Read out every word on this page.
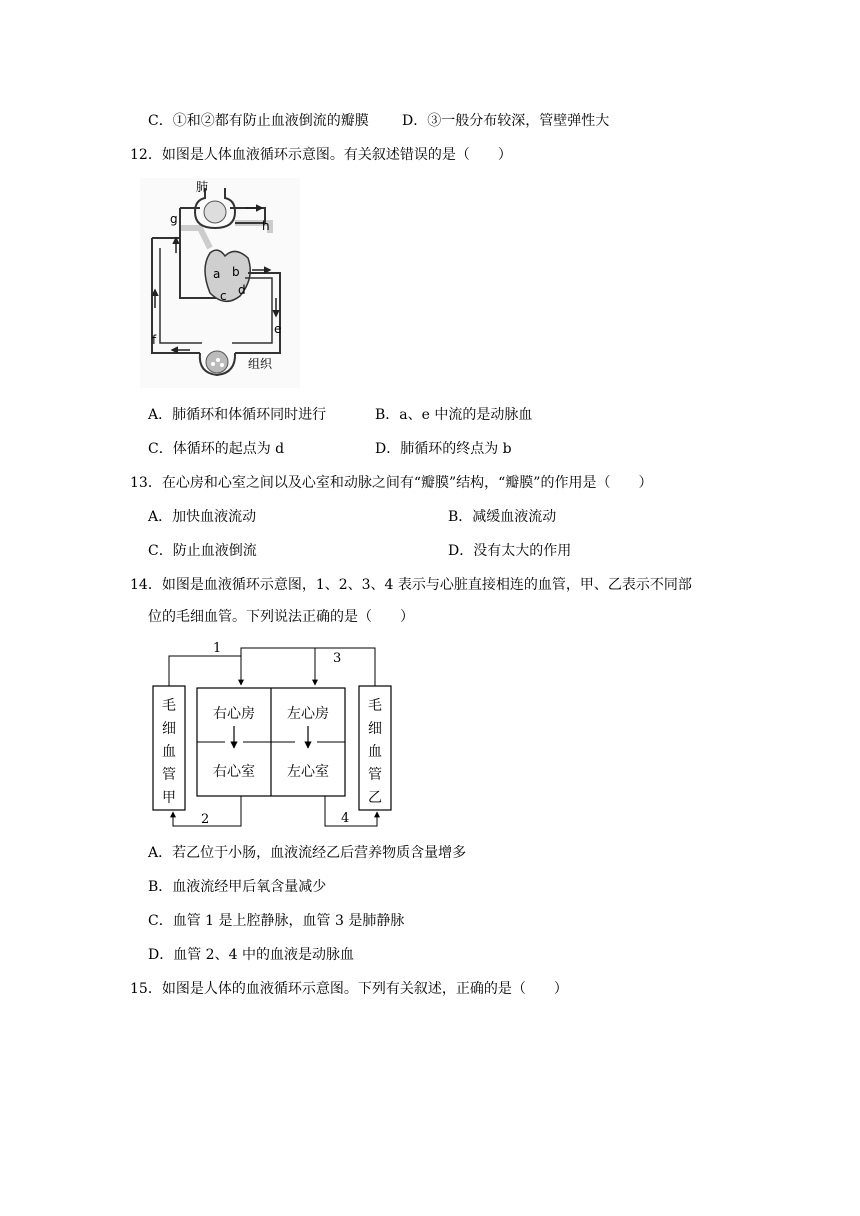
C．①和②都有防止血液倒流的瓣膜 D．③一般分布较深，管壁弹性大
12．如图是人体血液循环示意图。有关叙述错误的是（　　）
肺
组织
a b
c d
e
f
g	h
A．肺循环和体循环同时进行	B．a、e 中流的是动脉血
C．体循环的起点为 d	D．肺循环的终点为 b
13．在心房和心室之间以及心室和动脉之间有“瓣膜”结构，“瓣膜”的作用是（　　）
A．加快血液流动	B．减缓血液流动
C．防止血液倒流	D．没有太大的作用
14．如图是血液循环示意图，1、2、3、4 表示与心脏直接相连的血管，甲、乙表示不同部
位的毛细血管。下列说法正确的是（　　）
右心房 左心房
右心室 左心室
毛
细
血
管
甲
毛
细
血
管
乙
1
3
2	4
A．若乙位于小肠，血液流经乙后营养物质含量增多
B．血液流经甲后氧含量减少
C．血管 1 是上腔静脉，血管 3 是肺静脉
D．血管 2、4 中的血液是动脉血
15．如图是人体的血液循环示意图。下列有关叙述，正确的是（　　）
